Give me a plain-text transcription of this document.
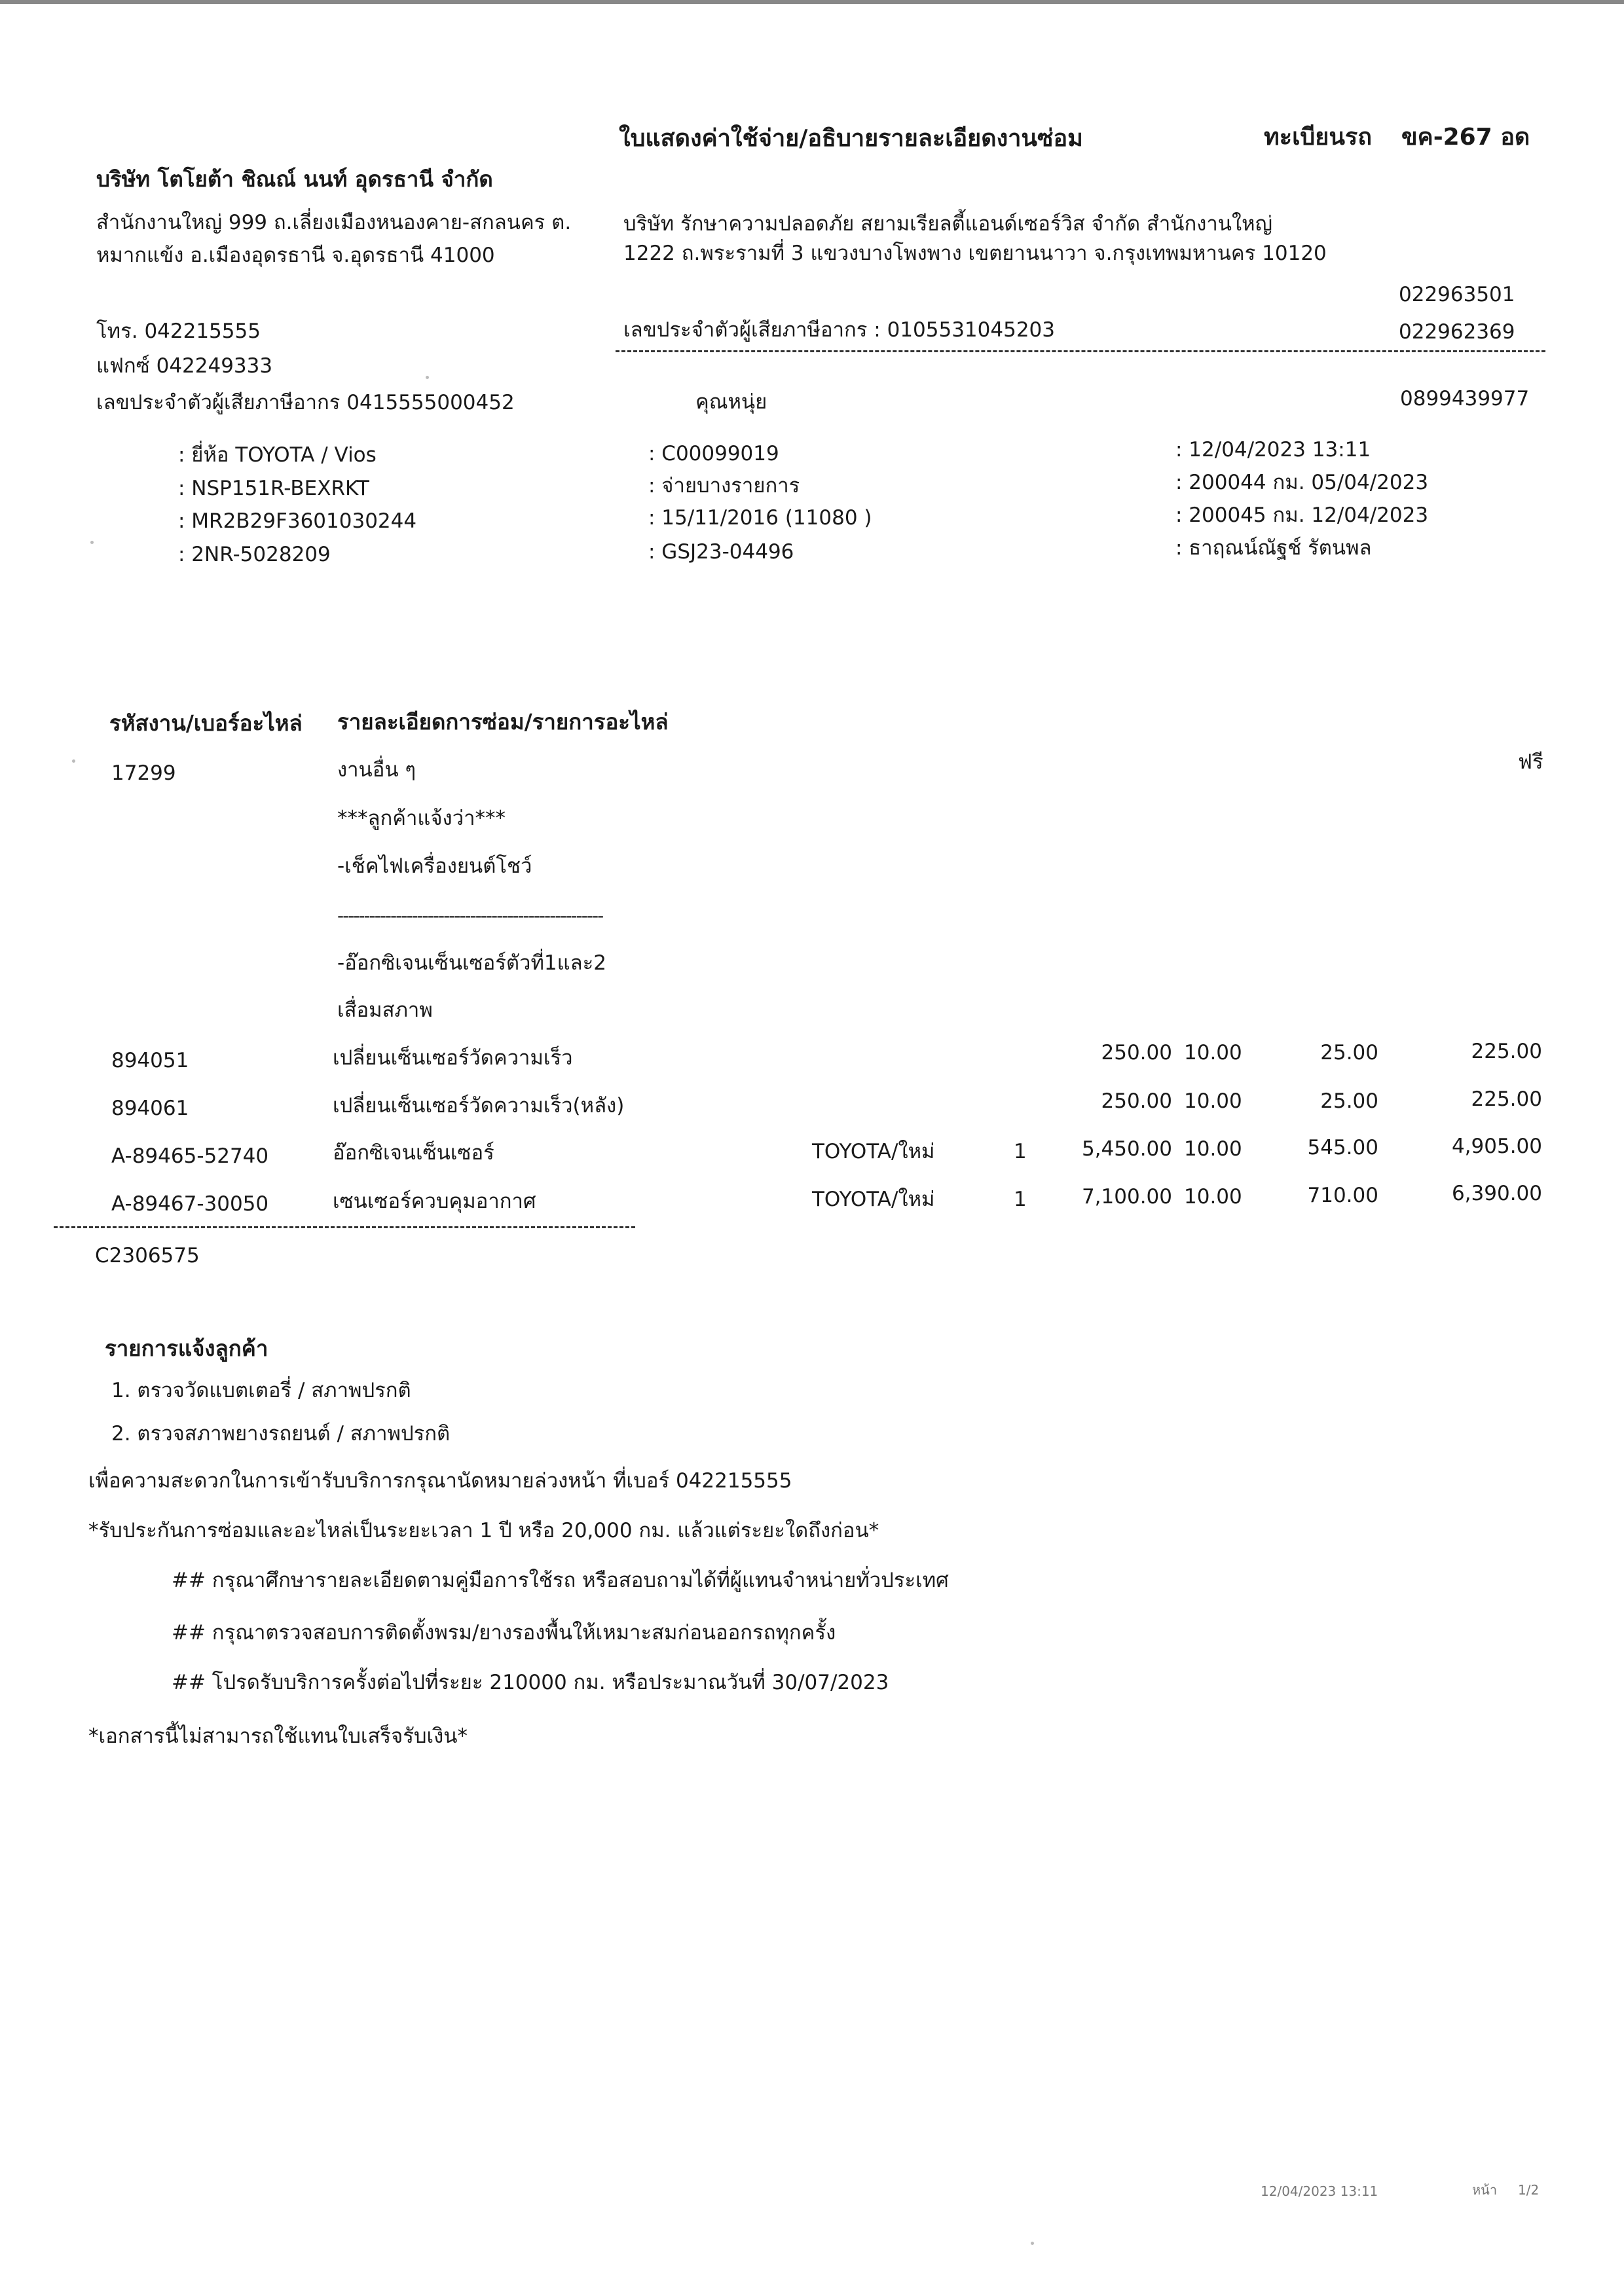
ใบแสดงค่าใช้จ่าย/อธิบายรายละเอียดงานซ่อม	ทะเบียนรถ ขค-267 อด
บริษัท โตโยต้า ชิณณ์ นนท์ อุดรธานี จำกัด
สำนักงานใหญ่ 999 ถ.เลี่ยงเมืองหนองคาย-สกลนคร ต.
หมากแข้ง อ.เมืองอุดรธานี จ.อุดรธานี 41000
โทร. 042215555
แฟกซ์ 042249333
เลขประจำตัวผู้เสียภาษีอากร 0415555000452
บริษัท รักษาความปลอดภัย สยามเรียลตี้แอนด์เซอร์วิส จำกัด สำนักงานใหญ่
1222 ถ.พระรามที่ 3 แขวงบางโพงพาง เขตยานนาวา จ.กรุงเทพมหานคร 10120
022963501
เลขประจำตัวผู้เสียภาษีอากร : 0105531045203	022962369
คุณหนุ่ย	0899439977
: ยี่ห้อ TOYOTA / Vios
: NSP151R-BEXRKT
: MR2B29F3601030244
: 2NR-5028209
: C00099019
: จ่ายบางรายการ
: 15/11/2016 (11080 )
: GSJ23-04496
: 12/04/2023 13:11
: 200044 กม. 05/04/2023
: 200045 กม. 12/04/2023
: ธาฤณน์ณัฐช์ รัตนพล
รหัสงาน/เบอร์อะไหล่ รายละเอียดการซ่อม/รายการอะไหล่
17299	งานอื่น ๆ	ฟรี
***ลูกค้าแจ้งว่า***
-เช็คไฟเครื่องยนต์โชว์
--------------------------------------------------
-อ๊อกซิเจนเซ็นเซอร์ตัวที่1และ2
เสื่อมสภาพ
894051	เปลี่ยนเซ็นเซอร์วัดความเร็ว	250.00 10.00	25.00	225.00
894061	เปลี่ยนเซ็นเซอร์วัดความเร็ว(หลัง)	250.00 10.00	25.00	225.00
A-89465-52740	อ๊อกซิเจนเซ็นเซอร์	TOYOTA/ใหม่	1	5,450.00 10.00	545.00	4,905.00
A-89467-30050	เซนเซอร์ควบคุมอากาศ	TOYOTA/ใหม่	1	7,100.00 10.00	710.00	6,390.00
C2306575
รายการแจ้งลูกค้า
1. ตรวจวัดแบตเตอรี่ / สภาพปรกติ
2. ตรวจสภาพยางรถยนต์ / สภาพปรกติ
เพื่อความสะดวกในการเข้ารับบริการกรุณานัดหมายล่วงหน้า ที่เบอร์ 042215555
*รับประกันการซ่อมและอะไหล่เป็นระยะเวลา 1 ปี หรือ 20,000 กม. แล้วแต่ระยะใดถึงก่อน*
## กรุณาศึกษารายละเอียดตามคู่มือการใช้รถ หรือสอบถามได้ที่ผู้แทนจำหน่ายทั่วประเทศ
## กรุณาตรวจสอบการติดตั้งพรม/ยางรองพื้นให้เหมาะสมก่อนออกรถทุกครั้ง
## โปรดรับบริการครั้งต่อไปที่ระยะ 210000 กม. หรือประมาณวันที่ 30/07/2023
*เอกสารนี้ไม่สามารถใช้แทนใบเสร็จรับเงิน*
12/04/2023 13:11	หน้า 1/2
